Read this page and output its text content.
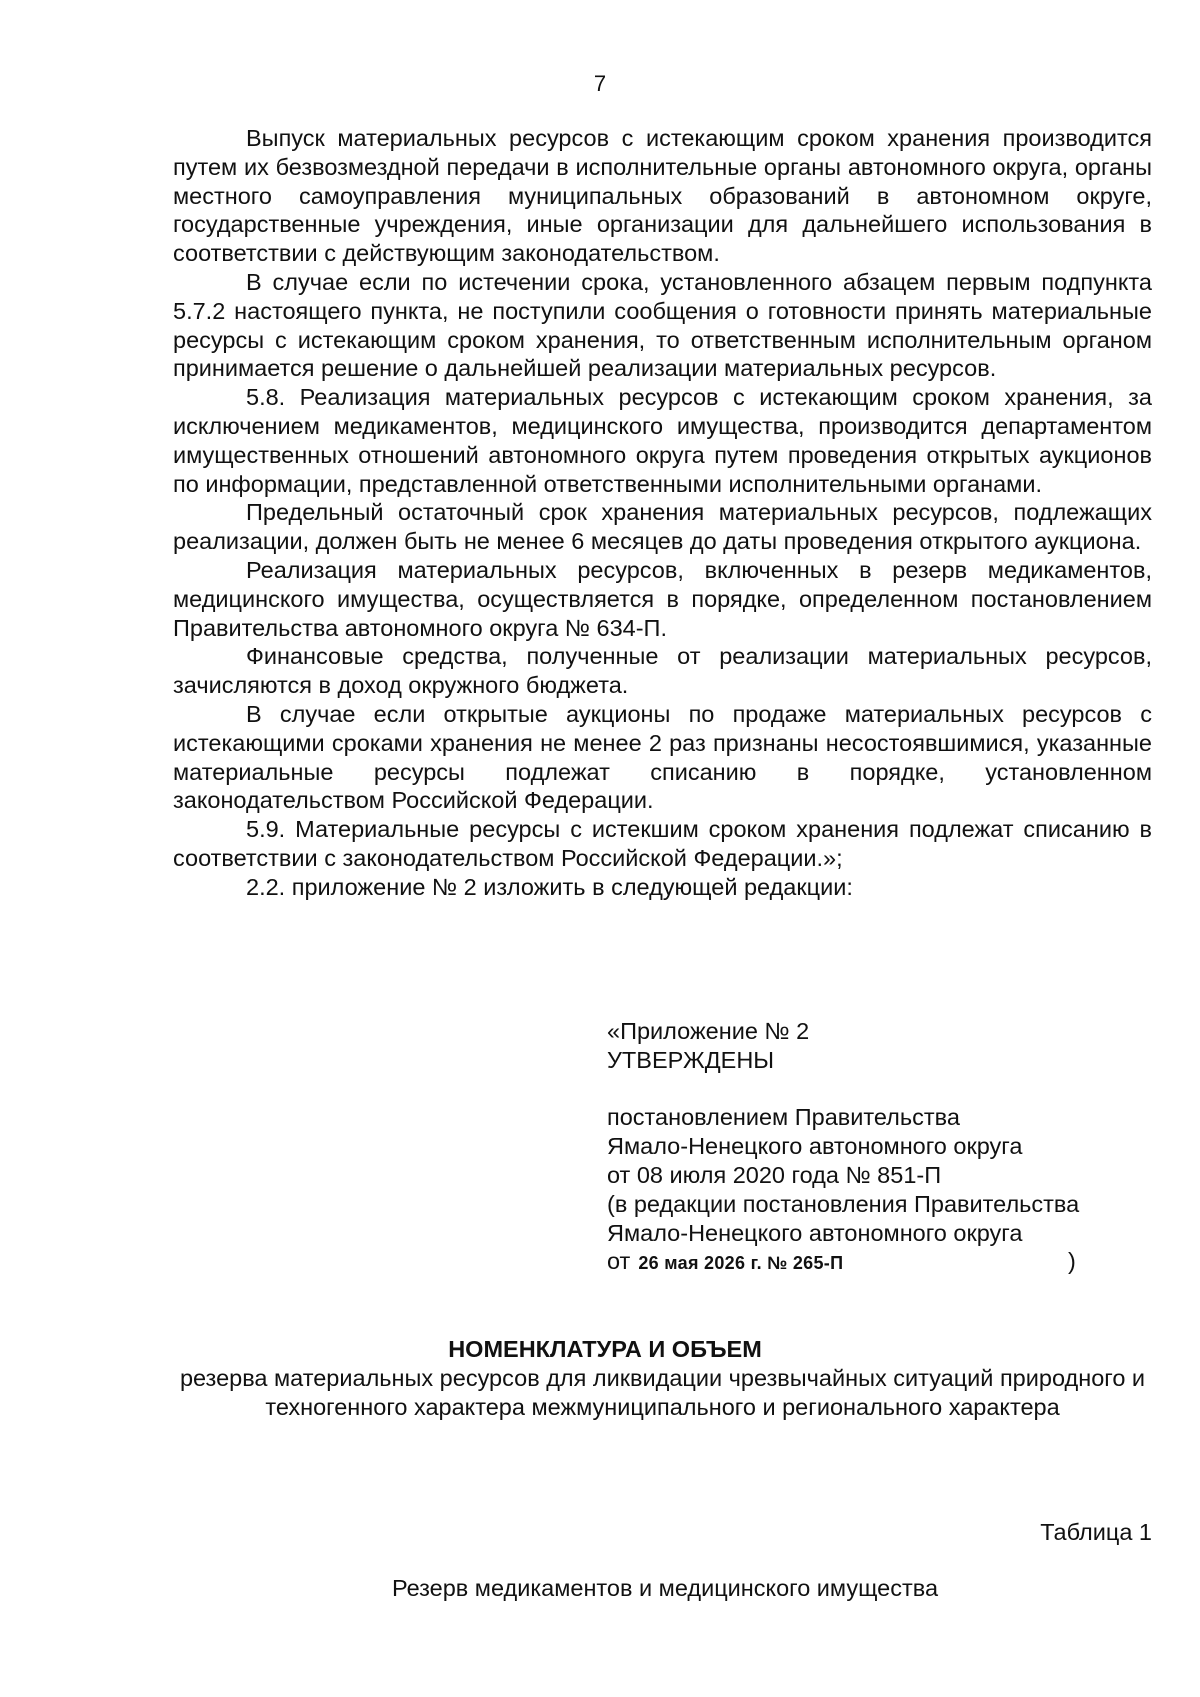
7

Выпуск материальных ресурсов с истекающим сроком хранения производится путем их безвозмездной передачи в исполнительные органы автономного округа, органы местного самоуправления муниципальных образований в автономном округе, государственные учреждения, иные организации для дальнейшего использования в соответствии с действующим законодательством.

В случае если по истечении срока, установленного абзацем первым подпункта 5.7.2 настоящего пункта, не поступили сообщения о готовности принять материальные ресурсы с истекающим сроком хранения, то ответственным исполнительным органом принимается решение о дальнейшей реализации материальных ресурсов.

5.8. Реализация материальных ресурсов с истекающим сроком хранения, за исключением медикаментов, медицинского имущества, производится департаментом имущественных отношений автономного округа путем проведения открытых аукционов по информации, представленной ответственными исполнительными органами.

Предельный остаточный срок хранения материальных ресурсов, подлежащих реализации, должен быть не менее 6 месяцев до даты проведения открытого аукциона.

Реализация материальных ресурсов, включенных в резерв медикаментов, медицинского имущества, осуществляется в порядке, определенном постановлением Правительства автономного округа № 634-П.

Финансовые средства, полученные от реализации материальных ресурсов, зачисляются в доход окружного бюджета.

В случае если открытые аукционы по продаже материальных ресурсов с истекающими сроками хранения не менее 2 раз признаны несостоявшимися, указанные материальные ресурсы подлежат списанию в порядке, установленном законодательством Российской Федерации.

5.9. Материальные ресурсы с истекшим сроком хранения подлежат списанию в соответствии с законодательством Российской Федерации.»;

2.2. приложение № 2 изложить в следующей редакции:

«Приложение № 2
УТВЕРЖДЕНЫ
постановлением Правительства
Ямало-Ненецкого автономного округа
от 08 июля 2020 года № 851-П
(в редакции постановления Правительства
Ямало-Ненецкого автономного округа
от 26 мая 2026 г. № 265-П	)
НОМЕНКЛАТУРА И ОБЪЕМ
резерва материальных ресурсов для ликвидации чрезвычайных ситуаций природного и техногенного характера межмуниципального и регионального характера
Таблица 1
Резерв медикаментов и медицинского имущества
